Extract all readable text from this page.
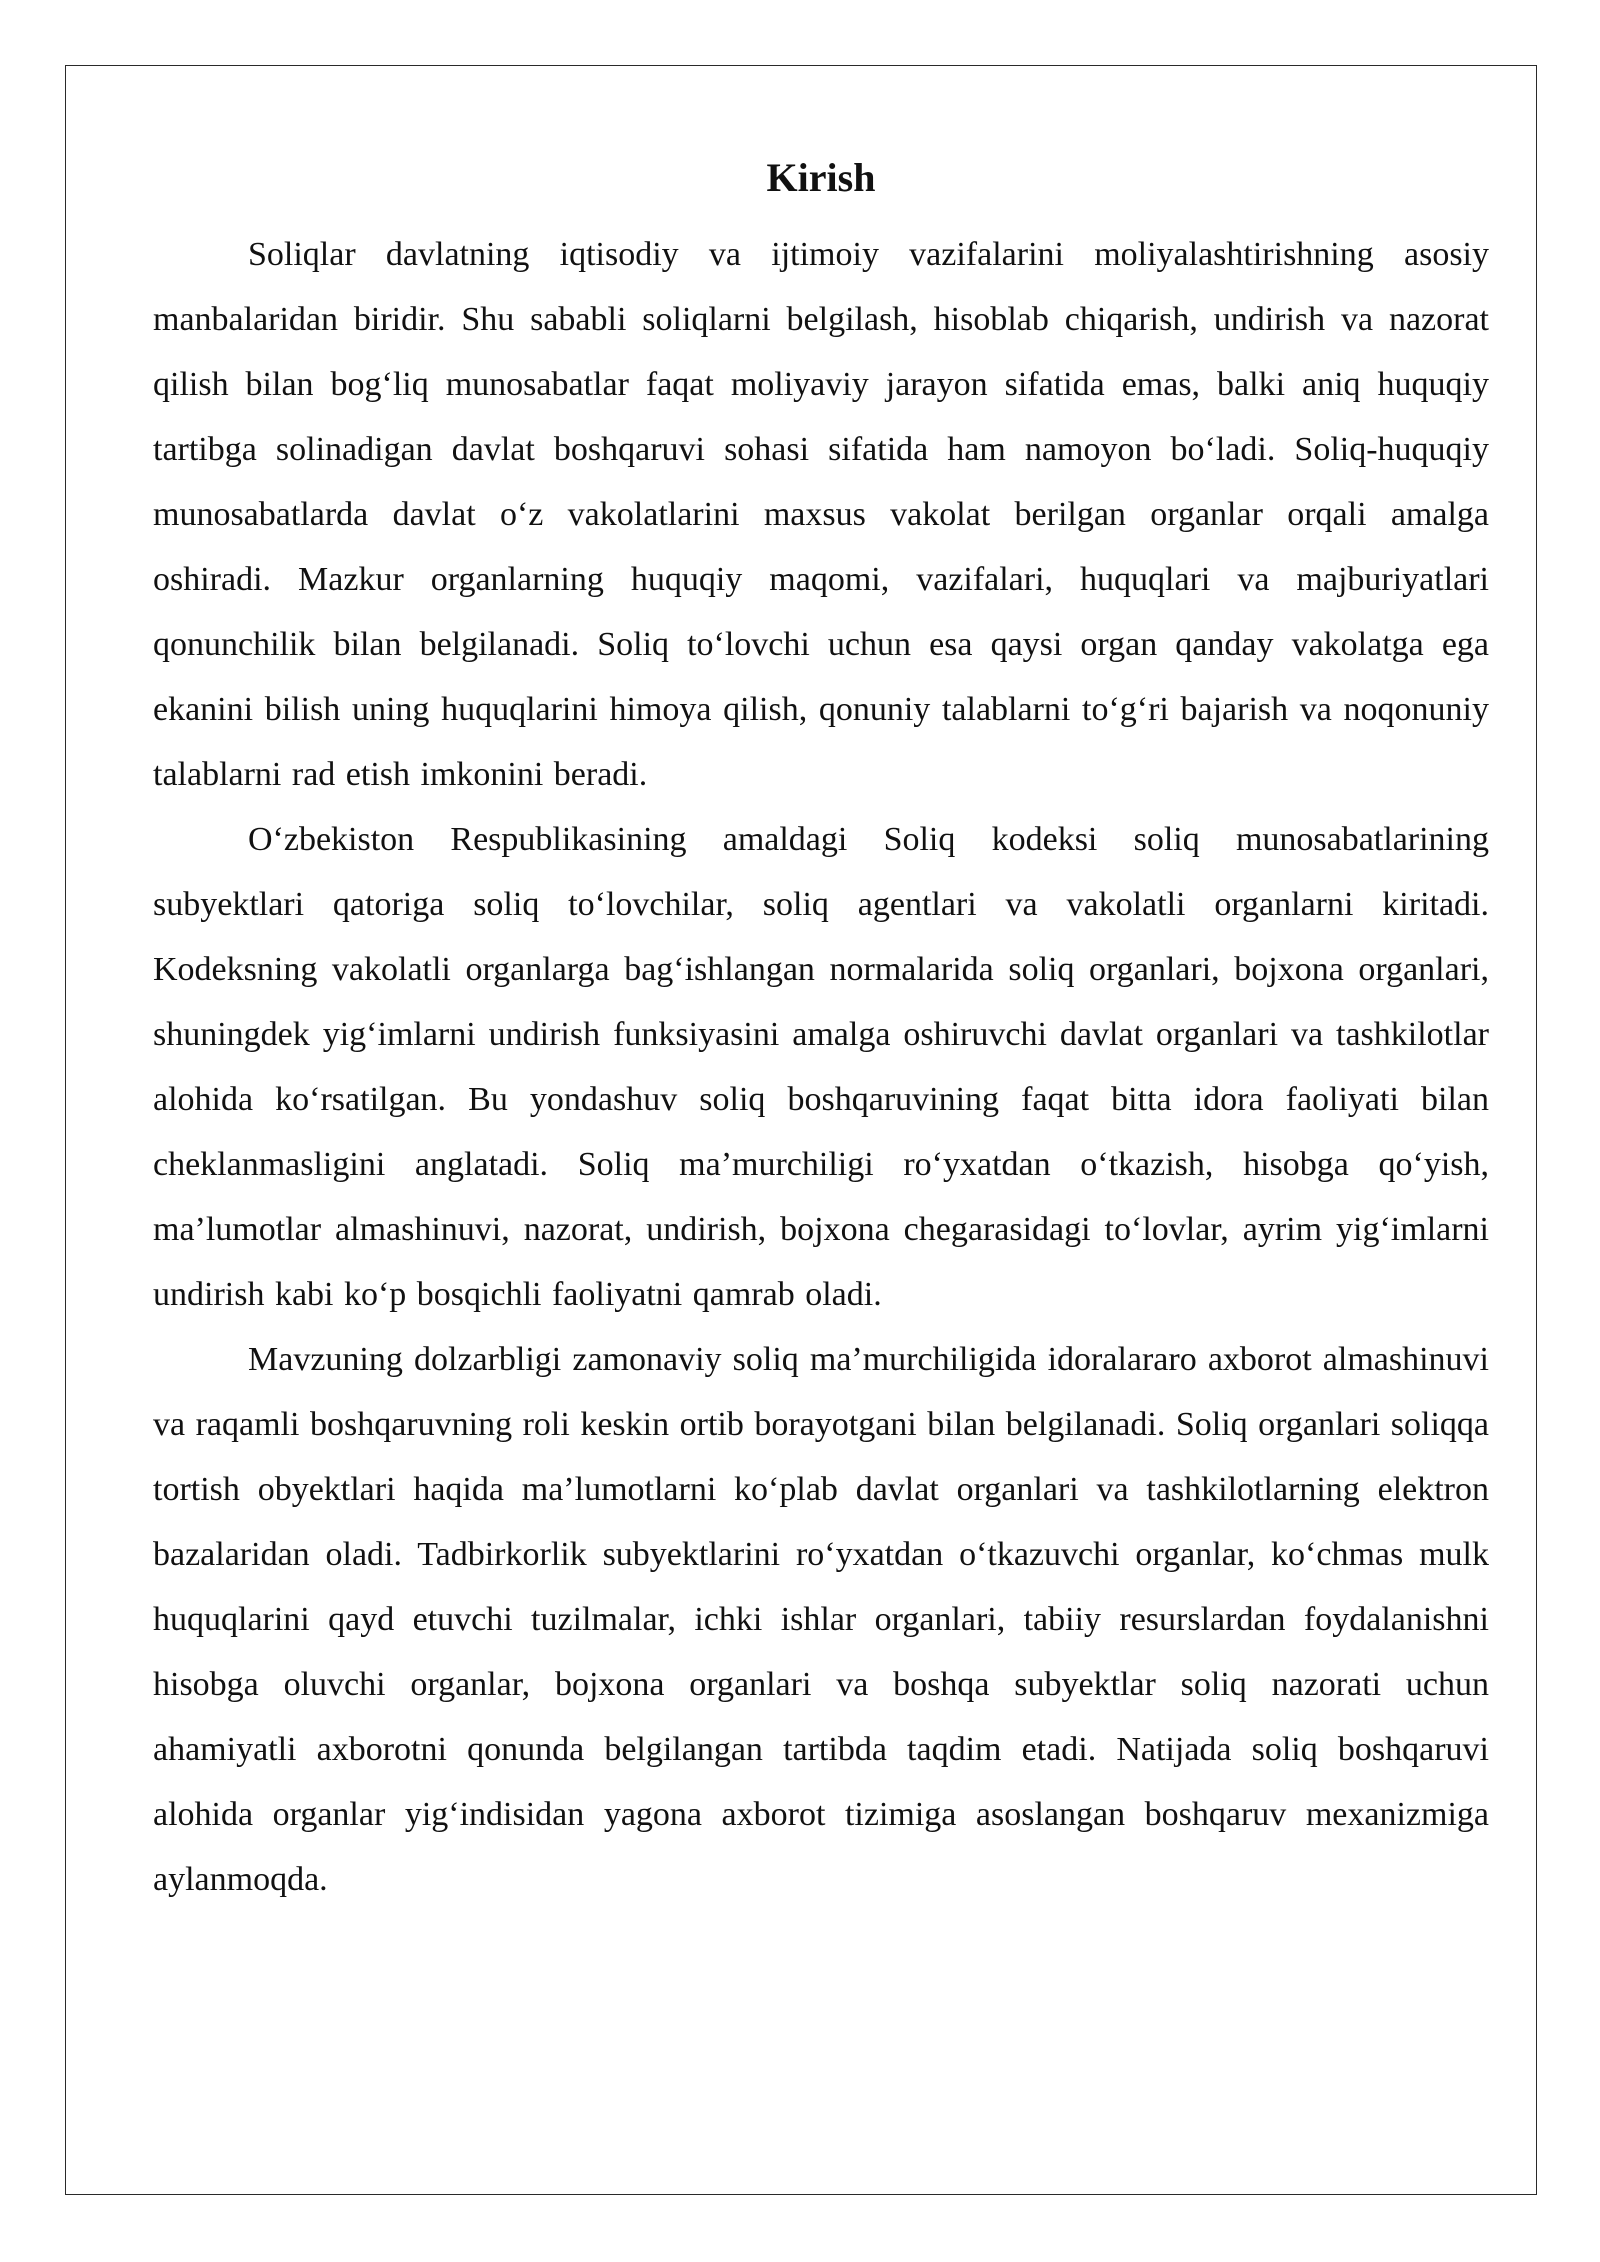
Kirish

Soliqlar davlatning iqtisodiy va ijtimoiy vazifalarini moliyalashtirishning asosiy manbalaridan biridir. Shu sababli soliqlarni belgilash, hisoblab chiqarish, undirish va nazorat qilish bilan bog‘liq munosabatlar faqat moliyaviy jarayon sifatida emas, balki aniq huquqiy tartibga solinadigan davlat boshqaruvi sohasi sifatida ham namoyon bo‘ladi. Soliq-huquqiy munosabatlarda davlat o‘z vakolatlarini maxsus vakolat berilgan organlar orqali amalga oshiradi. Mazkur organlarning huquqiy maqomi, vazifalari, huquqlari va majburiyatlari qonunchilik bilan belgilanadi. Soliq to‘lovchi uchun esa qaysi organ qanday vakolatga ega ekanini bilish uning huquqlarini himoya qilish, qonuniy talablarni to‘g‘ri bajarish va noqonuniy talablarni rad etish imkonini beradi.

O‘zbekiston Respublikasining amaldagi Soliq kodeksi soliq munosabatlarining subyektlari qatoriga soliq to‘lovchilar, soliq agentlari va vakolatli organlarni kiritadi. Kodeksning vakolatli organlarga bag‘ishlangan normalarida soliq organlari, bojxona organlari, shuningdek yig‘imlarni undirish funksiyasini amalga oshiruvchi davlat organlari va tashkilotlar alohida ko‘rsatilgan. Bu yondashuv soliq boshqaruvining faqat bitta idora faoliyati bilan cheklanmasligini anglatadi. Soliq ma’murchiligi ro‘yxatdan o‘tkazish, hisobga qo‘yish, ma’lumotlar almashinuvi, nazorat, undirish, bojxona chegarasidagi to‘lovlar, ayrim yig‘imlarni undirish kabi ko‘p bosqichli faoliyatni qamrab oladi.

Mavzuning dolzarbligi zamonaviy soliq ma’murchiligida idoralararo axborot almashinuvi va raqamli boshqaruvning roli keskin ortib borayotgani bilan belgilanadi. Soliq organlari soliqqa tortish obyektlari haqida ma’lumotlarni ko‘plab davlat organlari va tashkilotlarning elektron bazalaridan oladi. Tadbirkorlik subyektlarini ro‘yxatdan o‘tkazuvchi organlar, ko‘chmas mulk huquqlarini qayd etuvchi tuzilmalar, ichki ishlar organlari, tabiiy resurslardan foydalanishni hisobga oluvchi organlar, bojxona organlari va boshqa subyektlar soliq nazorati uchun ahamiyatli axborotni qonunda belgilangan tartibda taqdim etadi. Natijada soliq boshqaruvi alohida organlar yig‘indisidan yagona axborot tizimiga asoslangan boshqaruv mexanizmiga aylanmoqda.
